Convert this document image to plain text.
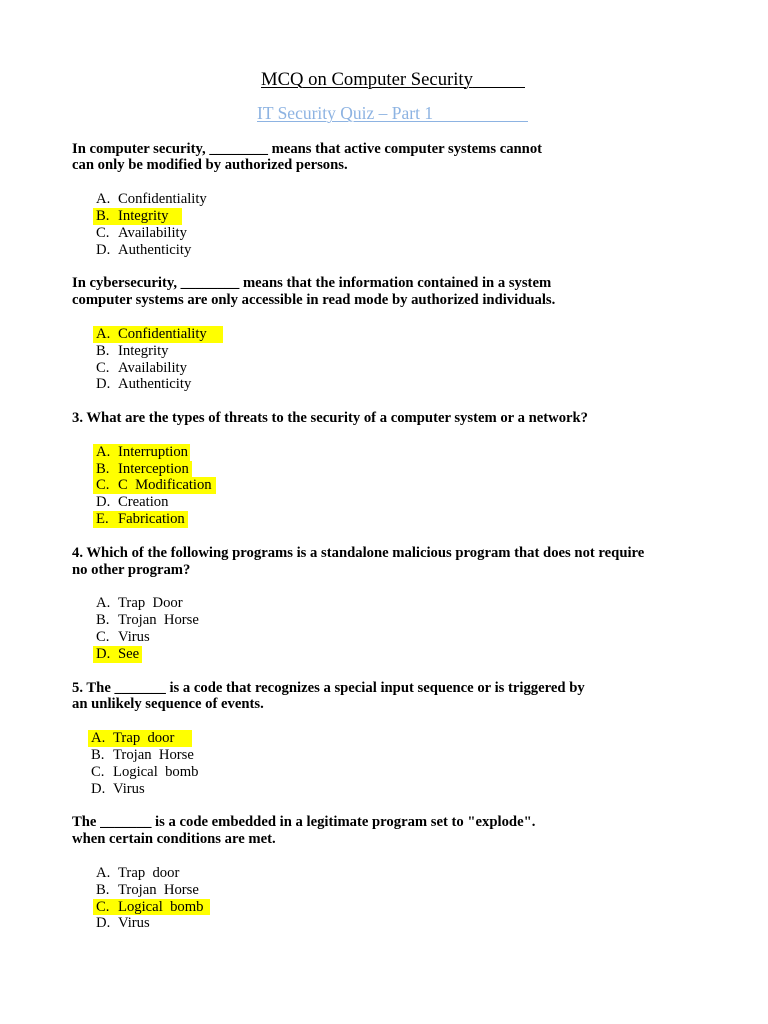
MCQ on Computer Security
IT Security Quiz – Part 1
In computer security, ________ means that active computer systems cannot
can only be modified by authorized persons.
A. Confidentiality
B. Integrity
C. Availability
D. Authenticity
In cybersecurity, ________ means that the information contained in a system
computer systems are only accessible in read mode by authorized individuals.
A. Confidentiality
B. Integrity
C. Availability
D. Authenticity
3. What are the types of threats to the security of a computer system or a network?
A. Interruption
B. Interception
C. C  Modification
D. Creation
E. Fabrication
4. Which of the following programs is a standalone malicious program that does not require
no other program?
A. Trap  Door
B. Trojan  Horse
C. Virus
D. See
5. The _______ is a code that recognizes a special input sequence or is triggered by
an unlikely sequence of events.
A. Trap  door
B. Trojan  Horse
C. Logical  bomb
D. Virus
The _______ is a code embedded in a legitimate program set to "explode".
when certain conditions are met.
A. Trap  door
B. Trojan  Horse
C. Logical  bomb
D. Virus
